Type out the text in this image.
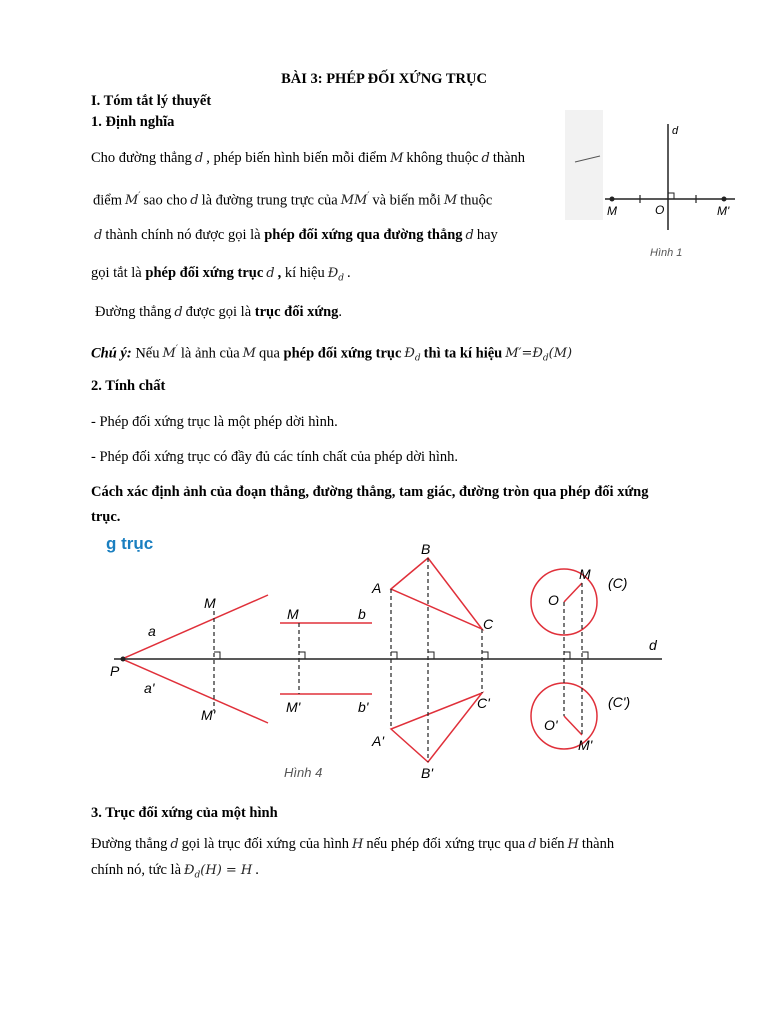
BÀI 3: PHÉP ĐỐI XỨNG TRỤC
I. Tóm tắt lý thuyết
1. Định nghĩa
Cho đường thẳng d , phép biến hình biến mỗi điểm M không thuộc d thành
điểm M′ sao cho d là đường trung trực của MM′ và biến mỗi M thuộc
d thành chính nó được gọi là phép đối xứng qua đường thẳng d hay
gọi tắt là phép đối xứng trục d , kí hiệu $Đ_d$ .
Đường thẳng d được gọi là trục đối xứng.
Chú ý: Nếu M′ là ảnh của M qua phép đối xứng trục $Đ_d$ thì ta kí hiệu $M'=Đ_d(M)$
2. Tính chất
- Phép đối xứng trục là một phép dời hình.
- Phép đối xứng trục có đầy đủ các tính chất của phép dời hình.
Cách xác định ảnh của đoạn thẳng, đường thẳng, tam giác, đường tròn qua phép đối xứng
trục.
d
M	O	M'
Hình 1
g trục
d
P
a
a'
M
M'
M
M'
b
b'
A
B
C
A'
B'
C'
O
O'
M
M'
(C)
(C')
Hình 4
3. Trục đối xứng của một hình
Đường thẳng d gọi là trục đối xứng của hình H nếu phép đối xứng trục qua d biến H thành
chính nó, tức là $Đ_d(H) = H$ .
